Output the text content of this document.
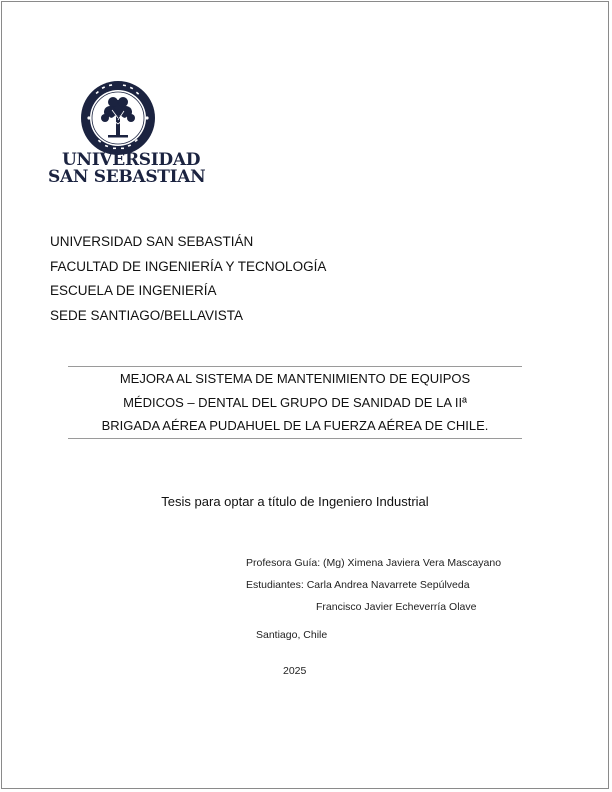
UNIVERSIDAD
SAN SEBASTIAN
UNIVERSIDAD SAN SEBASTIÁN
FACULTAD DE INGENIERÍA Y TECNOLOGÍA
ESCUELA DE INGENIERÍA
SEDE SANTIAGO/BELLAVISTA
MEJORA AL SISTEMA DE MANTENIMIENTO DE EQUIPOS
MÉDICOS – DENTAL DEL GRUPO DE SANIDAD DE LA IIª
BRIGADA AÉREA PUDAHUEL DE LA FUERZA AÉREA DE CHILE.
Tesis para optar a título de Ingeniero Industrial
Profesora Guía: (Mg) Ximena Javiera Vera Mascayano
Estudiantes: Carla Andrea Navarrete Sepúlveda
Francisco Javier Echeverría Olave
Santiago, Chile
2025
